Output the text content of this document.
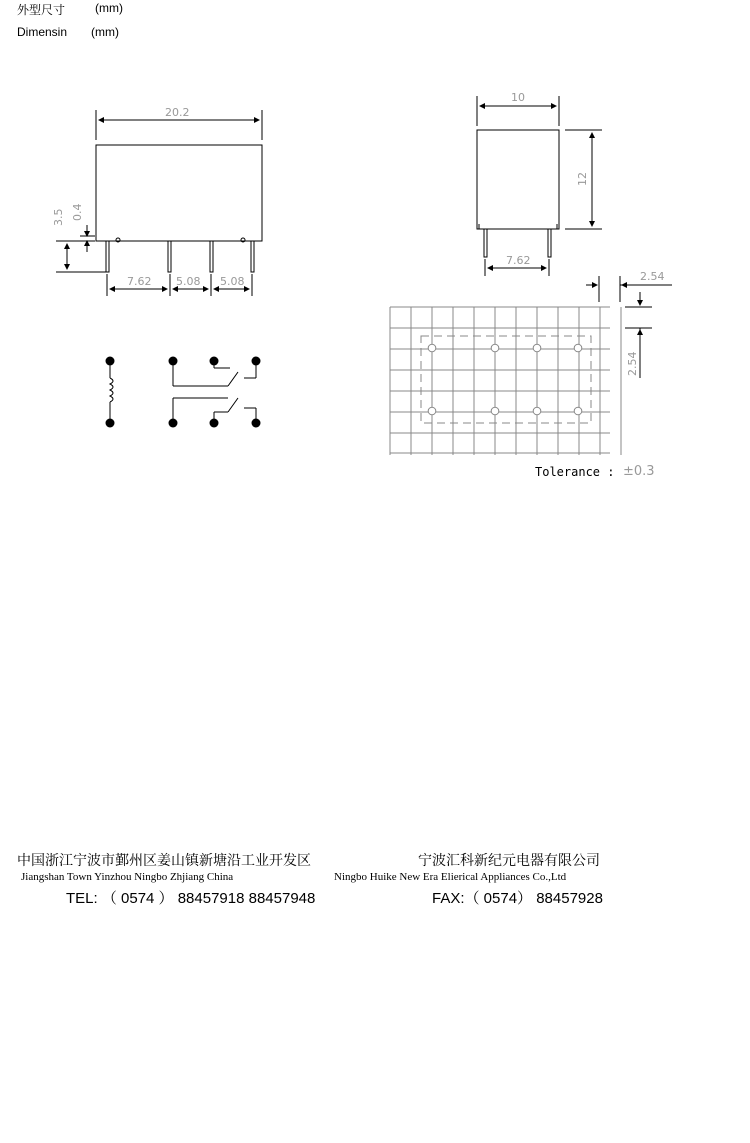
外型尺寸 (mm)
Dimensin (mm)
20.2
3.5 0.4
7.62 5.08 5.08
10
12
7.62
2.54
2.54
Tolerance : ±0.3
中国浙江宁波市鄞州区姜山镇新塘沿工业开发区	宁波汇科新纪元电器有限公司
Jiangshan Town Yinzhou Ningbo Zhjiang China	Ningbo Huike New Era Elierical Appliances Co.,Ltd
TEL: （ 0574 ） 88457918 88457948	FAX:（ 0574） 88457928
